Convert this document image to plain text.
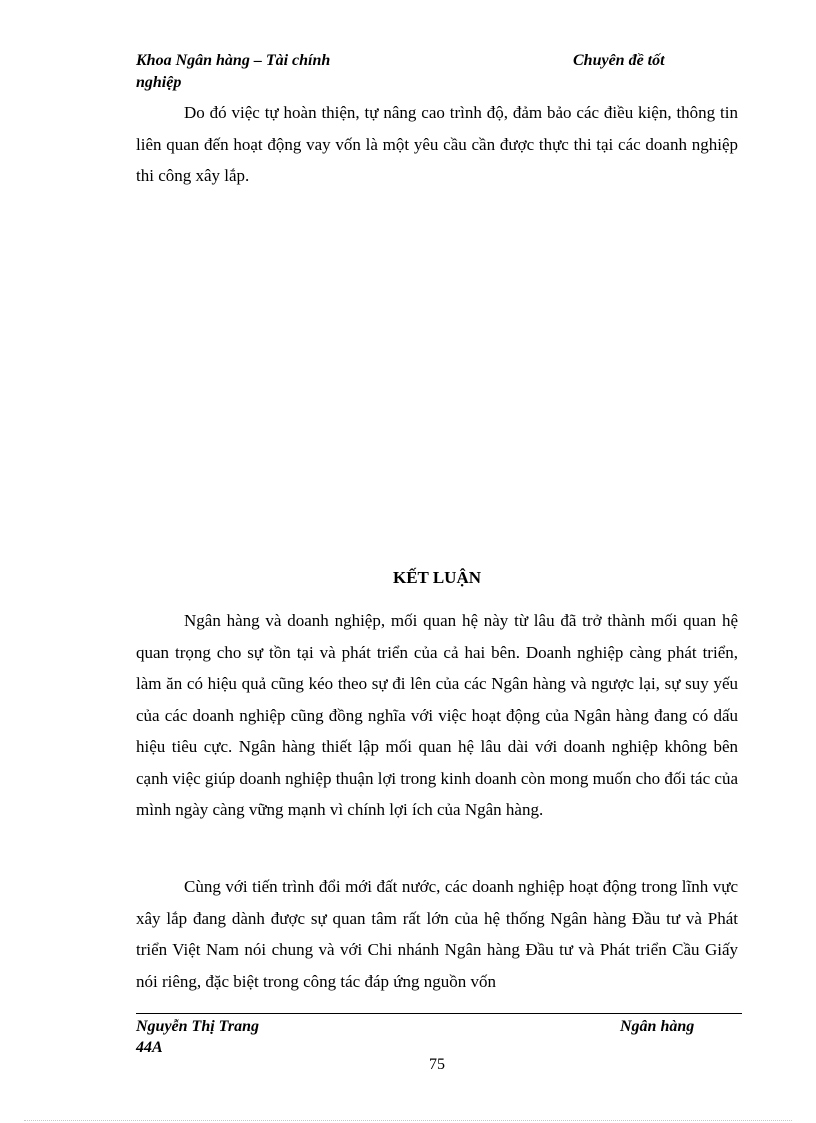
Khoa Ngân hàng – Tài chính	Chuyên đề tốt
nghiệp
Do đó việc tự hoàn thiện, tự nâng cao trình độ, đảm bảo các điều kiện, thông tin liên quan đến hoạt động vay vốn là một yêu cầu cần được thực thi tại các doanh nghiệp thi công xây lắp.
KẾT LUẬN
Ngân hàng và doanh nghiệp, mối quan hệ này từ lâu đã trở thành mối quan hệ quan trọng cho sự tồn tại và phát triển của cả hai bên. Doanh nghiệp càng phát triển, làm ăn có hiệu quả cũng kéo theo sự đi lên của các Ngân hàng và ngược lại, sự suy yếu của các doanh nghiệp cũng đồng nghĩa với việc hoạt động của Ngân hàng đang có dấu hiệu tiêu cực. Ngân hàng thiết lập mối quan hệ lâu dài với doanh nghiệp không bên cạnh việc giúp doanh nghiệp thuận lợi trong kinh doanh còn mong muốn cho đối tác của mình ngày càng vững mạnh vì chính lợi ích của Ngân hàng.
Cùng với tiến trình đổi mới đất nước, các doanh nghiệp hoạt động trong lĩnh vực xây lắp đang dành được sự quan tâm rất lớn của hệ thống Ngân hàng Đầu tư và Phát triển Việt Nam nói chung và với Chi nhánh Ngân hàng Đầu tư và Phát triển Cầu Giấy nói riêng, đặc biệt trong công tác đáp ứng nguồn vốn
Nguyễn Thị Trang	Ngân hàng
44A
75
